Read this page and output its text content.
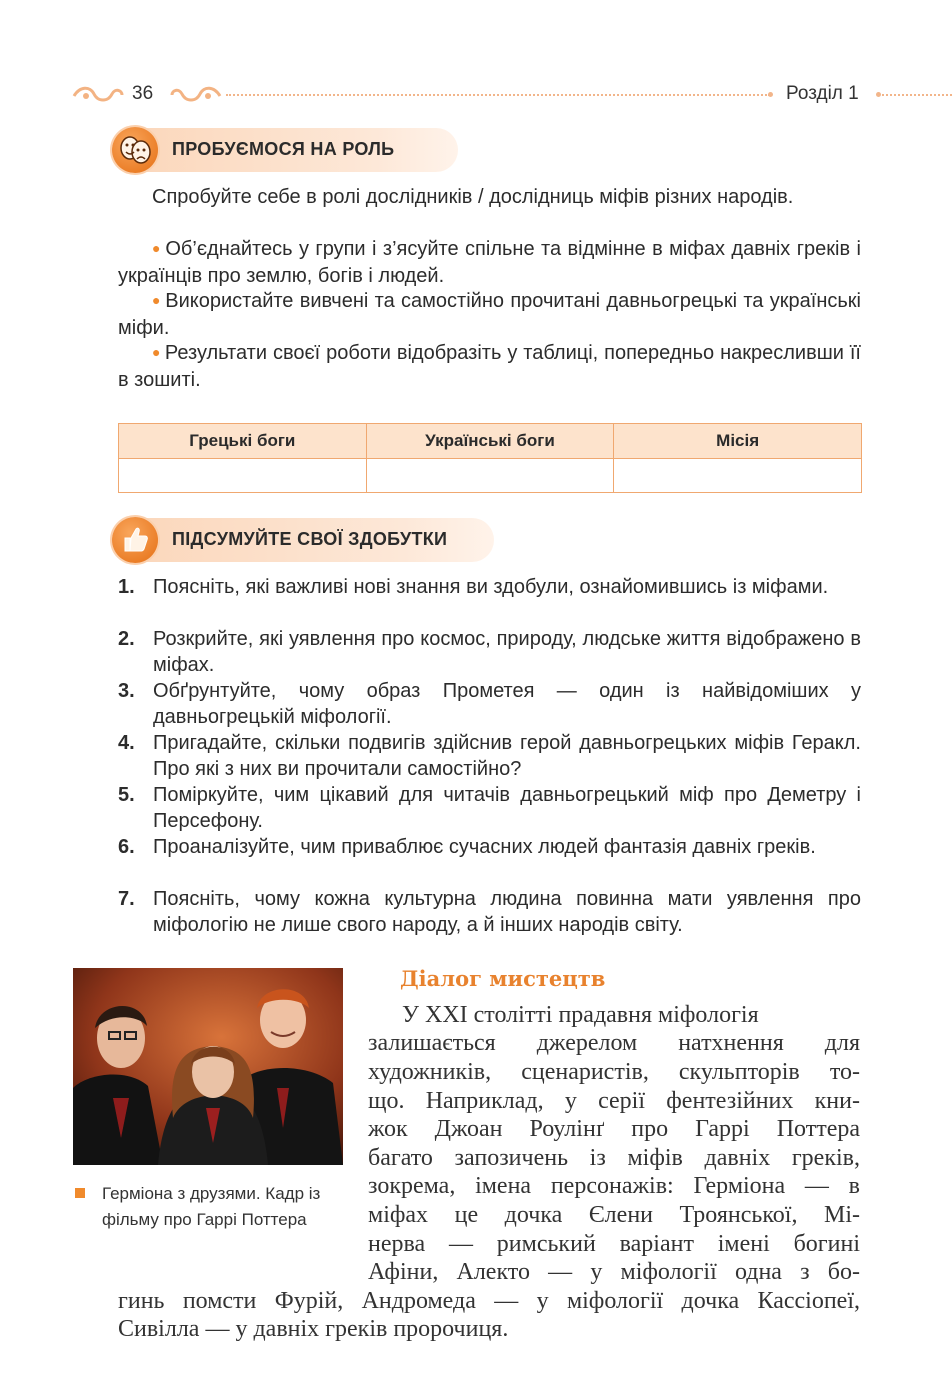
36	Розділ 1
ПРОБУЄМОСЯ НА РОЛЬ
Спробуйте себе в ролі дослідників / дослідниць міфів різних народів.
● Об’єднайтесь у групи і з’ясуйте спільне та відмінне в міфах давніх греків і українців про землю, богів і людей.
● Використайте вивчені та самостійно прочитані давньогрецькі та українські міфи.
● Результати своєї роботи відобразіть у таблиці, попередньо накресливши її в зошиті.
Грецькі боги	Українські боги	Місія

ПІДСУМУЙТЕ СВОЇ ЗДОБУТКИ
1. Поясніть, які важливі нові знання ви здобули, ознайомившись із міфами.
2. Розкрийте, які уявлення про космос, природу, людське життя відображено в міфах.
3. Обґрунтуйте, чому образ Прометея — один із найвідоміших у давньогрецькій міфології.
4. Пригадайте, скільки подвигів здійснив герой давньогрецьких міфів Геракл. Про які з них ви прочитали самостійно?
5. Поміркуйте, чим цікавий для читачів давньогрецький міф про Деметру і Персефону.
6. Проаналізуйте, чим приваблює сучасних людей фантазія давніх греків.
7. Поясніть, чому кожна культурна людина повинна мати уявлення про міфологію не лише свого народу, а й інших народів світу.
Герміона з друзями. Кадр із фільму про Гаррі Поттера
Діалог мистецтв
У XXI столітті прадавня міфологія
залишається джерелом натхнення для
художників, сценаристів, скульпторів то-
що. Наприклад, у серії фентезійних кни-
жок Джоан Роулінґ про Гаррі Поттера
багато запозичень із міфів давніх греків,
зокрема, імена персонажів: Герміона — в
міфах це дочка Єлени Троянської, Мі-
нерва — римський варіант імені богині
Афіни, Алекто — у міфології одна з бо-
гинь помсти Фурій, Андромеда — у міфології дочка Кассіопеї,
Сивілла — у давніх греків пророчиця.
